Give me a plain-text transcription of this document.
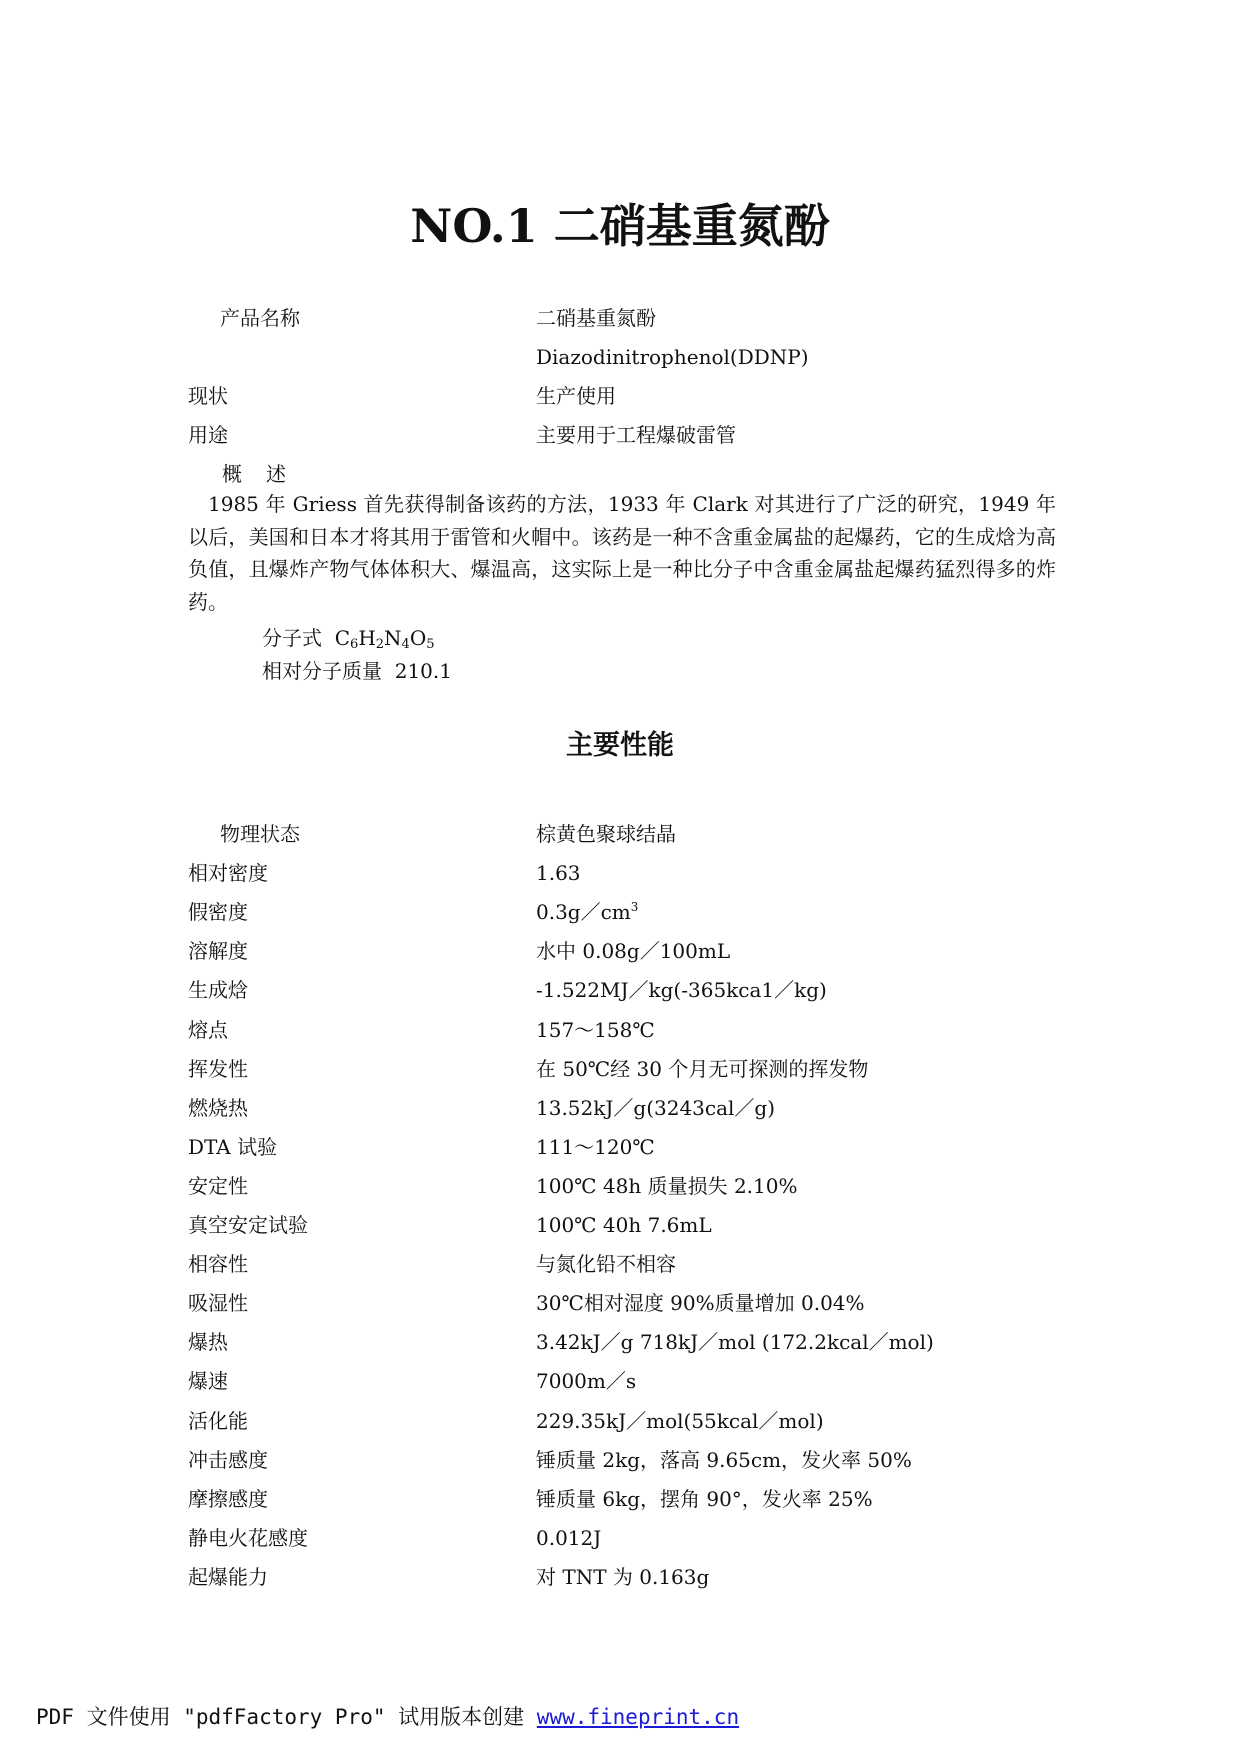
NO.1 二硝基重氮酚
产品名称	二硝基重氮酚
Diazodinitrophenol(DDNP)
现状	生产使用
用途	主要用于工程爆破雷管
概 述

1985 年 Griess 首先获得制备该药的方法，1933 年 Clark 对其进行了广泛的研究，1949 年以后，美国和日本才将其用于雷管和火帽中。该药是一种不含重金属盐的起爆药，它的生成焓为高负值，且爆炸产物气体体积大、爆温高，这实际上是一种比分子中含重金属盐起爆药猛烈得多的炸药。

分子式 $C_6H_2N_4O_5$
相对分子质量 210.1
主要性能
物理状态	棕黄色聚球结晶
相对密度	1.63
假密度	$0.3g/cm^3$
溶解度	水中 0.08g／100mL
生成焓	-1.522MJ／kg(-365kca1／kg)
熔点	157～158℃
挥发性	在 50℃经 30 个月无可探测的挥发物
燃烧热	13.52kJ／g(3243cal／g)
DTA 试验	111～120℃
安定性	100℃ 48h 质量损失 2.10%
真空安定试验	100℃ 40h 7.6mL
相容性	与氮化铅不相容
吸湿性	30℃相对湿度 90%质量增加 0.04%
爆热	3.42kJ／g 718kJ／mol (172.2kcal／mol)
爆速	7000m／s
活化能	229.35kJ／mol(55kcal／mol)
冲击感度	锤质量 2kg，落高 9.65cm，发火率 50%
摩擦感度	锤质量 6kg，摆角 90°，发火率 25%
静电火花感度	0.012J
起爆能力	对 TNT 为 0.163g
PDF 文件使用 "pdfFactory Pro" 试用版本创建 www.fineprint.cn
